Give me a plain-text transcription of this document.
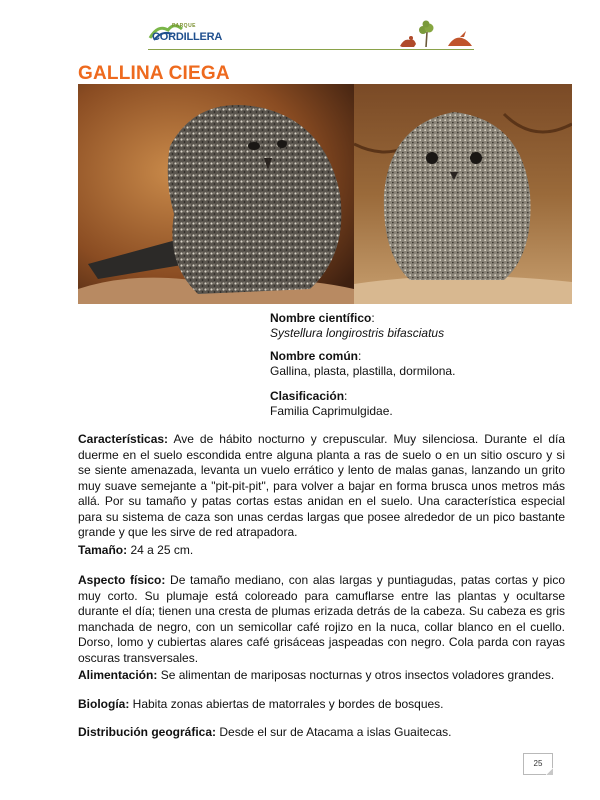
PARQUE
CORDILLERA
GALLINA CIEGA
Nombre científico:
Systellura longirostris bifasciatus
Nombre común:
Gallina, plasta, plastilla, dormilona.
Clasificación:
Familia Caprimulgidae.
Características: Ave de hábito nocturno y crepuscular. Muy silenciosa. Durante el día duerme en el suelo escondida entre alguna planta a ras de suelo o en un sitio oscuro y si se siente amenazada, levanta un vuelo errático y lento de malas ganas, lanzando un grito muy suave semejante a "pit-pit-pit", para volver a bajar en forma brusca unos metros más allá. Por su tamaño y patas cortas estas anidan en el suelo. Una característica especial para su sistema de caza son unas cerdas largas que posee alrededor de un pico bastante grande y que les sirve de red atrapadora.
Tamaño: 24 a 25 cm.
Aspecto físico: De tamaño mediano, con alas largas y puntiagudas, patas cortas y pico muy corto. Su plumaje está coloreado para camuflarse entre las plantas y ocultarse durante el día; tienen una cresta de plumas erizada detrás de la cabeza. Su cabeza es gris manchada de negro, con un semicollar café rojizo en la nuca, collar blanco en el cuello. Dorso, lomo y cubiertas alares café grisáceas jaspeadas con negro. Cola parda con rayas oscuras transversales.
Alimentación: Se alimentan de mariposas nocturnas y otros insectos voladores grandes.
Biología: Habita zonas abiertas de matorrales y bordes de bosques.
Distribución geográfica: Desde el sur de Atacama a islas Guaitecas.
25
